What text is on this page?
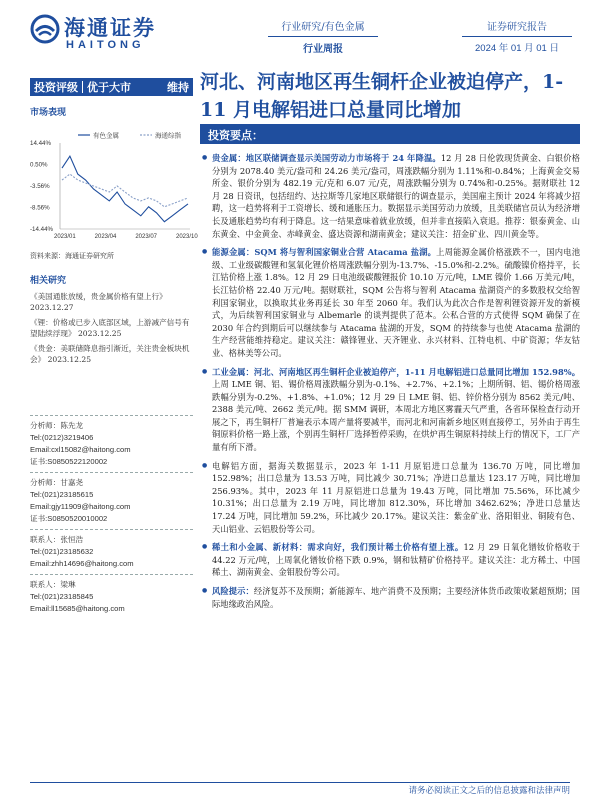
海通证券
HAITONG
行业研究/有色金属
行业周报
证券研究报告
2024 年 01 月 01 日
投资评级 优于大市	维持 河北、河南地区再生铜杆企业被迫停产，1-11 月电解铝进口总量同比增加
市场表现
有色金属	海通综指
14.44%
0.50%
-3.56%
-8.56%
-14.44%
2023/01	2023/04	2023/07	2023/10
资料来源：海通证券研究所
相关研究
《美国通胀放缓，贵金属价格有望上行》 2023.12.27
《锂：价格或已步入底部区域，上游减产信号有望陆续浮现》 2023.12.25
《贵金：美联储降息指引渐近，关注贵金板块机会》 2023.12.25
分析师：陈先龙
Tel:(0212)3219406
Email:cxl15082@haitong.com
证书:S0850522120002
分析师：甘嘉尧
Tel:(021)23185615
Email:gjy11909@haitong.com
证书:S0850520010002
联系人：张恒浩
Tel:(021)23185632
Email:zhh14696@haitong.com
联系人：梁琳
Tel:(021)23185845
Email:ll15685@haitong.com
投资要点：
● 贵金属：地区联储调查显示美国劳动力市场将于 24 年降温。12 月 28 日伦敦现货黄金、白银价格分别为 2078.40 美元/盎司和 24.26 美元/盎司，周涨跌幅分别为 1.11%和-0.84%；上海黄金交易所金、银价分别为 482.19 元/克和 6.07 元/克，周涨跌幅分别为 0.74%和-0.25%。据财联社 12 月 28 日资讯，包括纽约、达拉斯等几家地区联储银行的调查显示，美国雇主预计 2024 年将减少招聘，这一趋势将利于工资增长、缓和通胀压力。数据显示美国劳动力放缓，且美联储官员认为经济增长及通胀趋势均有利于降息。这一结果意味着就业放缓，但并非直接陷入衰退。推荐：银泰黄金、山东黄金、中金黄金、赤峰黄金、盛达资源和湖南黄金；建议关注：招金矿业、四川黄金等。
● 能源金属：SQM 将与智利国家铜业合营 Atacama 盐湖。上周能源金属价格涨跌不一，国内电池级、工业级碳酸锂和氢氧化锂价格周涨跌幅分别为-13.7%、-15.0%和-2.2%。硫酸镍价格持平，长江钴价格上涨 1.8%。12 月 29 日电池级碳酸锂报价 10.10 万元/吨，LME 镍价 1.66 万美元/吨，长江钴价格 22.40 万元/吨。据财联社，SQM 公告将与智利 Atacama 盐湖资产的多数股权交给智利国家铜业，以换取其业务再延长 30 年至 2060 年。我们认为此次合作是智利锂资源开发的新模式，为后续智利国家铜业与 Albemarle 的谈判提供了范本。公私合营的方式使得 SQM 确保了在 2030 年合约到期后可以继续参与 Atacama 盐湖的开发，SQM 的持续参与也使 Atacama 盐湖的生产经营能维持稳定。建议关注：赣锋锂业、天齐锂业、永兴材料、江特电机、中矿资源；华友钴业、格林美等公司。
● 工业金属：河北、河南地区再生铜杆企业被迫停产，1-11 月电解铝进口总量同比增加 152.98%。上周 LME 铜、铝、锡价格周涨跌幅分别为-0.1%、+2.7%、+2.1%；上期所铜、铝、锡价格周涨跌幅分别为-0.2%、+1.8%、+1.0%；12 月 29 日 LME 铜、铝、锌价格分别为 8562 美元/吨、2388 美元/吨、2662 美元/吨。据 SMM 调研，本周北方地区雾霾天气严重，各省环保检查行动开展之下，再生铜杆厂普遍表示本周产量将要减半，而河北和河南新乡地区则直接停工，另外由于再生铜原料价格一路上涨，个别再生铜杆厂选择暂停采购，在烘炉再生铜原料持续上行的情况下，工厂产量有所下滑。
● 电解铝方面，据海关数据显示，2023 年 1-11 月原铝进口总量为 136.70 万吨，同比增加 152.98%；出口总量为 13.53 万吨，同比减少 30.71%；净进口总量达 123.17 万吨，同比增加 256.93%。其中，2023 年 11 月原铝进口总量为 19.43 万吨，同比增加 75.56%，环比减少 10.31%；出口总量为 2.19 万吨，同比增加 812.30%，环比增加 3462.62%；净进口总量达 17.24 万吨，同比增加 59.2%，环比减少 20.17%。建议关注：紫金矿业、洛阳钼业、铜陵有色、天山铝业、云铝股份等公司。
● 稀土和小金属、新材料：需求向好，我们预计稀土价格有望上涨。12 月 29 日氧化镨钕价格收于 44.22 万元/吨，上周氧化镨钕价格下跌 0.9%，钢和钛精矿价格持平。建议关注：北方稀土、中国稀土、湖南黄金、金钼股份等公司。
● 风险提示：经济复苏不及预期；新能源车、地产消费不及预期；主要经济体货币政策收紧超预期；国际地缘政治风险。
请务必阅读正文之后的信息披露和法律声明
